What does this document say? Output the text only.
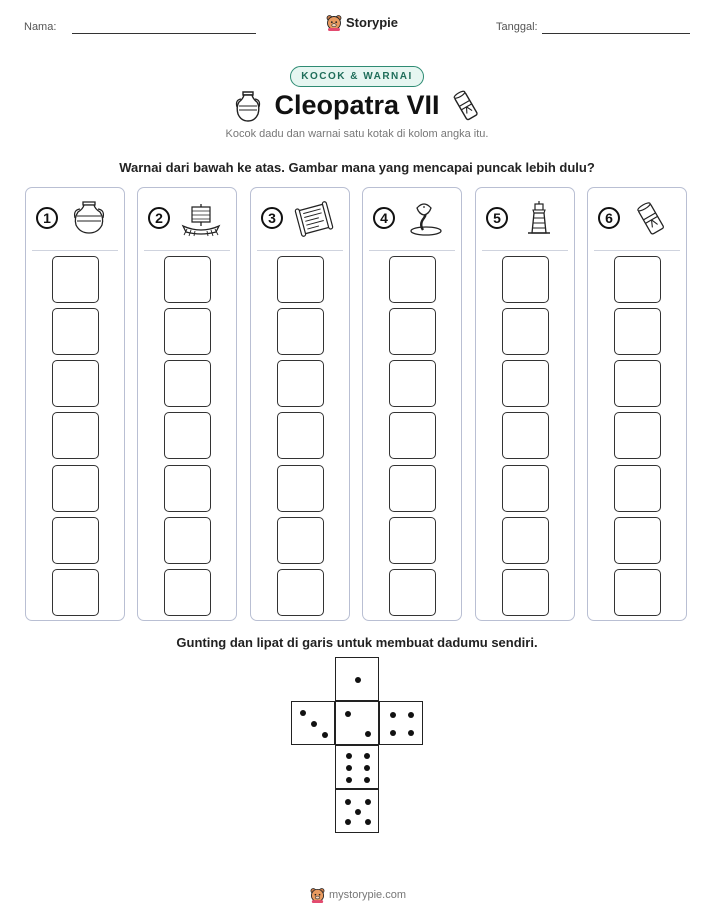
Nama:	Storypie	Tanggal:
KOCOK & WARNAI
Cleopatra VII
Kocok dadu dan warnai satu kotak di kolom angka itu.
Warnai dari bawah ke atas. Gambar mana yang mencapai puncak lebih dulu?
1	2	3	4	5	6
Gunting dan lipat di garis untuk membuat dadumu sendiri.
mystorypie.com
